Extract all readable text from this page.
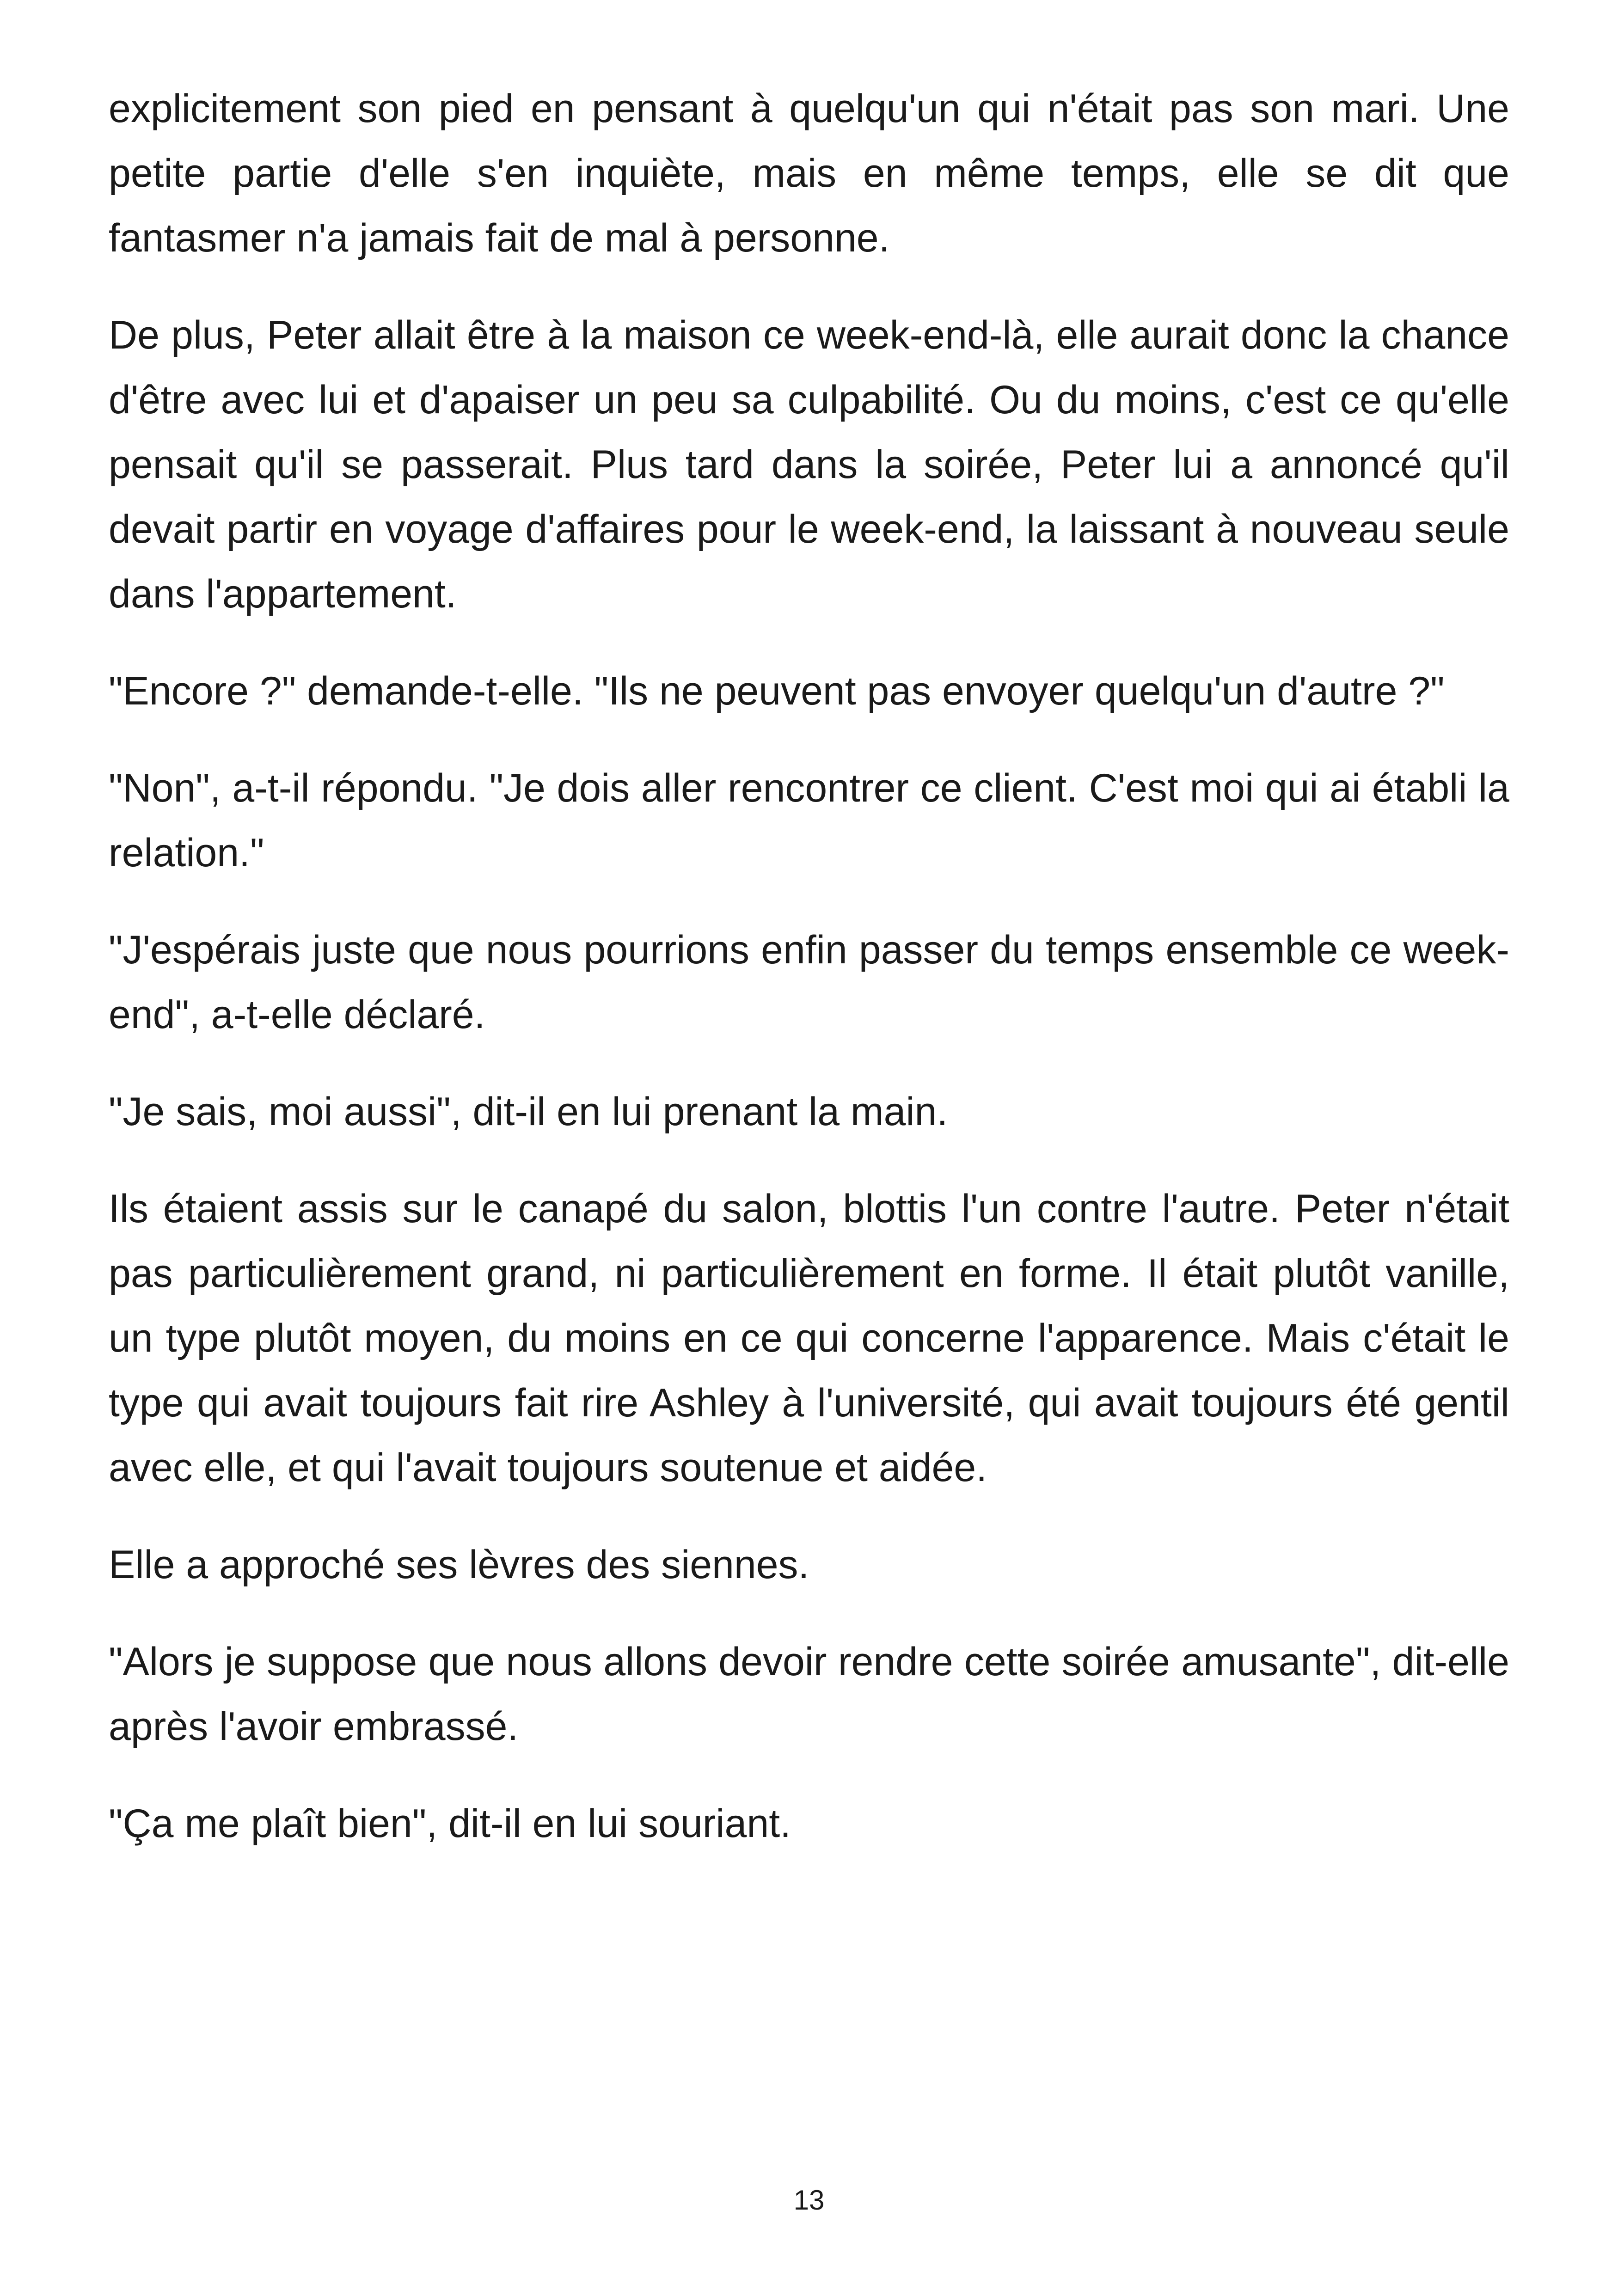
explicitement son pied en pensant à quelqu'un qui n'était pas son mari. Une petite partie d'elle s'en inquiète, mais en même temps, elle se dit que fantasmer n'a jamais fait de mal à personne.

De plus, Peter allait être à la maison ce week-end-là, elle aurait donc la chance d'être avec lui et d'apaiser un peu sa culpabilité. Ou du moins, c'est ce qu'elle pensait qu'il se passerait. Plus tard dans la soirée, Peter lui a annoncé qu'il devait partir en voyage d'affaires pour le week-end, la laissant à nouveau seule dans l'appartement.

"Encore ?" demande-t-elle. "Ils ne peuvent pas envoyer quelqu'un d'autre ?"

"Non", a-t-il répondu. "Je dois aller rencontrer ce client. C'est moi qui ai établi la relation."

"J'espérais juste que nous pourrions enfin passer du temps ensemble ce week-end", a-t-elle déclaré.

"Je sais, moi aussi", dit-il en lui prenant la main.

Ils étaient assis sur le canapé du salon, blottis l'un contre l'autre. Peter n'était pas particulièrement grand, ni particulièrement en forme. Il était plutôt vanille, un type plutôt moyen, du moins en ce qui concerne l'apparence. Mais c'était le type qui avait toujours fait rire Ashley à l'université, qui avait toujours été gentil avec elle, et qui l'avait toujours soutenue et aidée.

Elle a approché ses lèvres des siennes.

"Alors je suppose que nous allons devoir rendre cette soirée amusante", dit-elle après l'avoir embrassé.

"Ça me plaît bien", dit-il en lui souriant.

13
